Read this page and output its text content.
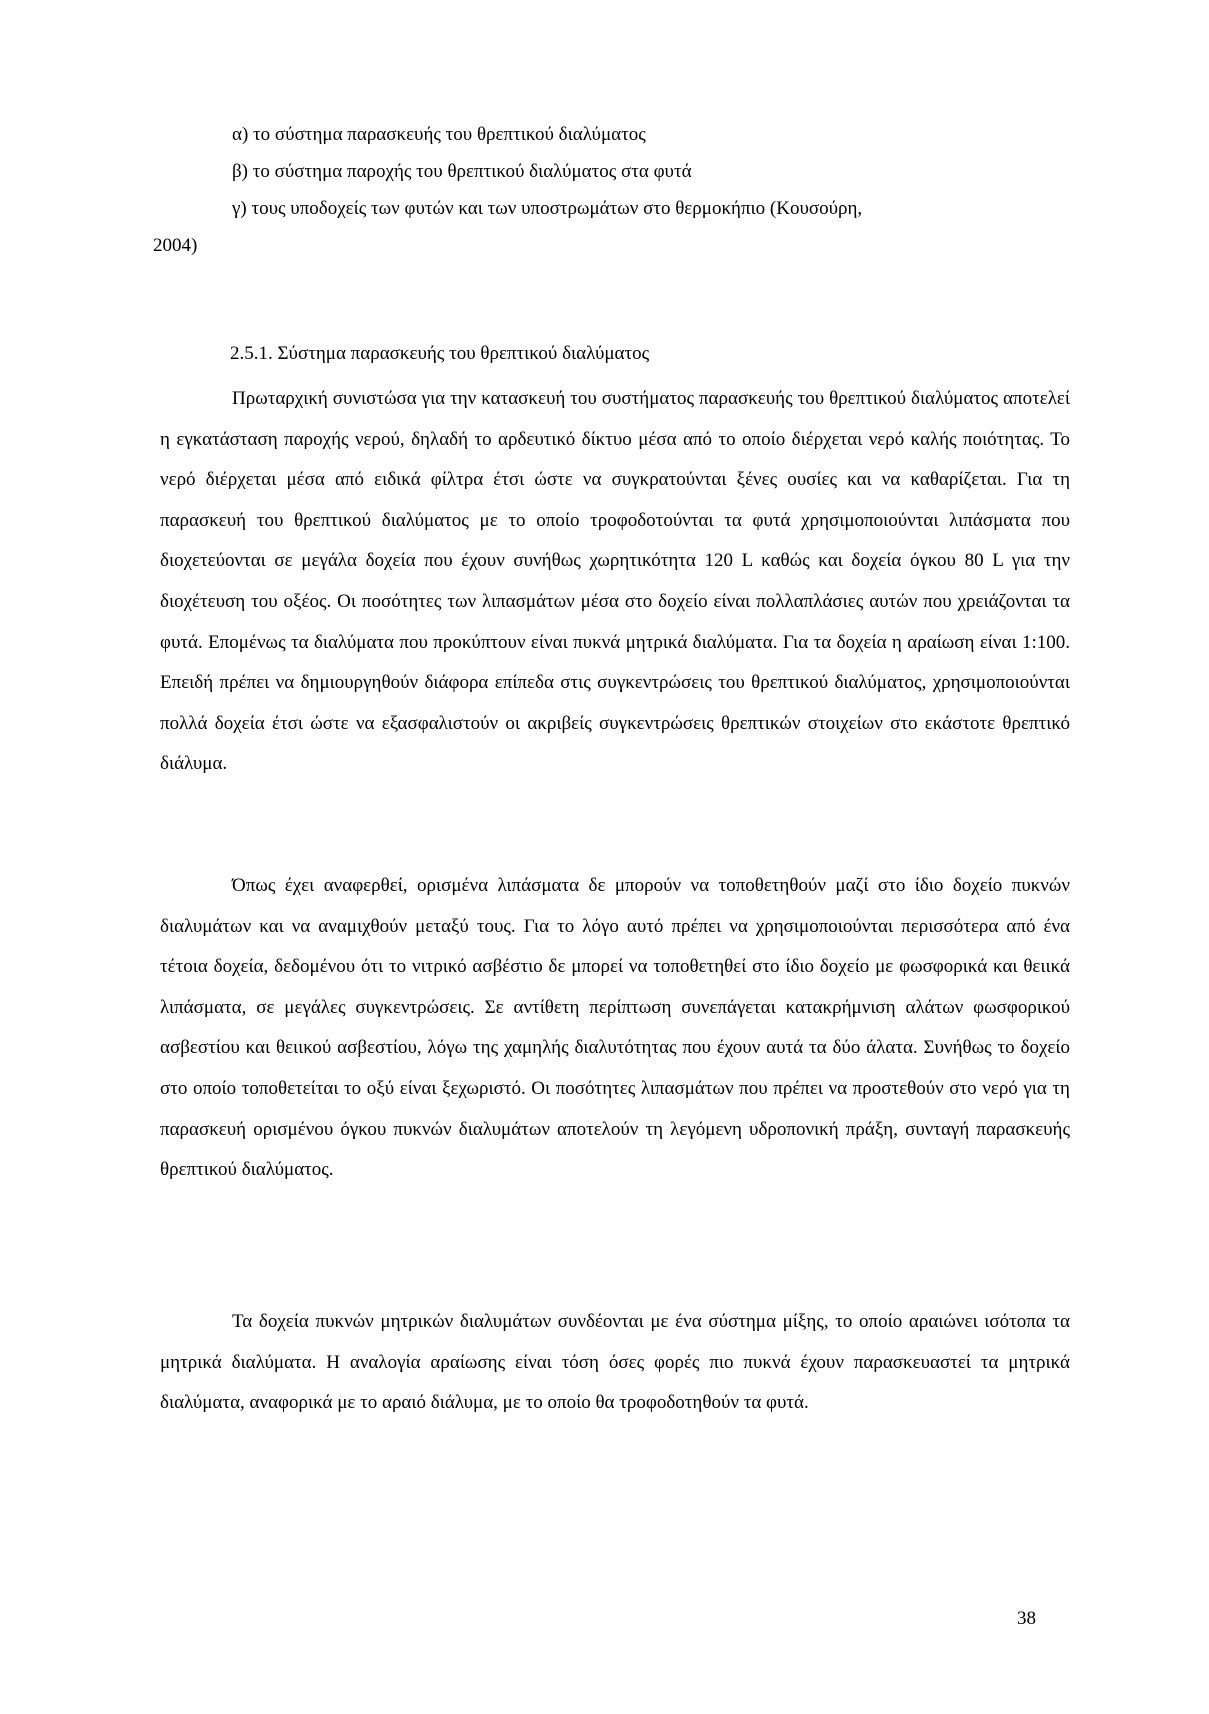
α) το σύστημα παρασκευής του θρεπτικού διαλύματος
β) το σύστημα παροχής του θρεπτικού διαλύματος στα φυτά
γ) τους υποδοχείς των φυτών και των υποστρωμάτων στο θερμοκήπιο (Κουσούρη,
2004)
2.5.1. Σύστημα παρασκευής του θρεπτικού διαλύματος

Πρωταρχική συνιστώσα για την κατασκευή του συστήματος παρασκευής του θρεπτικού διαλύματος αποτελεί η εγκατάσταση παροχής νερού, δηλαδή το αρδευτικό δίκτυο μέσα από το οποίο διέρχεται νερό καλής ποιότητας. Το νερό διέρχεται μέσα από ειδικά φίλτρα έτσι ώστε να συγκρατούνται ξένες ουσίες και να καθαρίζεται. Για τη παρασκευή του θρεπτικού διαλύματος με το οποίο τροφοδοτούνται τα φυτά χρησιμοποιούνται λιπάσματα που διοχετεύονται σε μεγάλα δοχεία που έχουν συνήθως χωρητικότητα 120 L καθώς και δοχεία όγκου 80 L για την διοχέτευση του οξέος. Οι ποσότητες των λιπασμάτων μέσα στο δοχείο είναι πολλαπλάσιες αυτών που χρειάζονται τα φυτά. Επομένως τα διαλύματα που προκύπτουν είναι πυκνά μητρικά διαλύματα. Για τα δοχεία η αραίωση είναι 1:100. Επειδή πρέπει να δημιουργηθούν διάφορα επίπεδα στις συγκεντρώσεις του θρεπτικού διαλύματος, χρησιμοποιούνται πολλά δοχεία έτσι ώστε να εξασφαλιστούν οι ακριβείς συγκεντρώσεις θρεπτικών στοιχείων στο εκάστοτε θρεπτικό διάλυμα.

Όπως έχει αναφερθεί, ορισμένα λιπάσματα δε μπορούν να τοποθετηθούν μαζί στο ίδιο δοχείο πυκνών διαλυμάτων και να αναμιχθούν μεταξύ τους. Για το λόγο αυτό πρέπει να χρησιμοποιούνται περισσότερα από ένα τέτοια δοχεία, δεδομένου ότι το νιτρικό ασβέστιο δε μπορεί να τοποθετηθεί στο ίδιο δοχείο με φωσφορικά και θειικά λιπάσματα, σε μεγάλες συγκεντρώσεις. Σε αντίθετη περίπτωση συνεπάγεται κατακρήμνιση αλάτων φωσφορικού ασβεστίου και θειικού ασβεστίου, λόγω της χαμηλής διαλυτότητας που έχουν αυτά τα δύο άλατα. Συνήθως το δοχείο στο οποίο τοποθετείται το οξύ είναι ξεχωριστό. Οι ποσότητες λιπασμάτων που πρέπει να προστεθούν στο νερό για τη παρασκευή ορισμένου όγκου πυκνών διαλυμάτων αποτελούν τη λεγόμενη υδροπονική πράξη, συνταγή παρασκευής θρεπτικού διαλύματος.

Τα δοχεία πυκνών μητρικών διαλυμάτων συνδέονται με ένα σύστημα μίξης, το οποίο αραιώνει ισότοπα τα μητρικά διαλύματα. Η αναλογία αραίωσης είναι τόση όσες φορές πιο πυκνά έχουν παρασκευαστεί τα μητρικά διαλύματα, αναφορικά με το αραιό διάλυμα, με το οποίο θα τροφοδοτηθούν τα φυτά.

38
